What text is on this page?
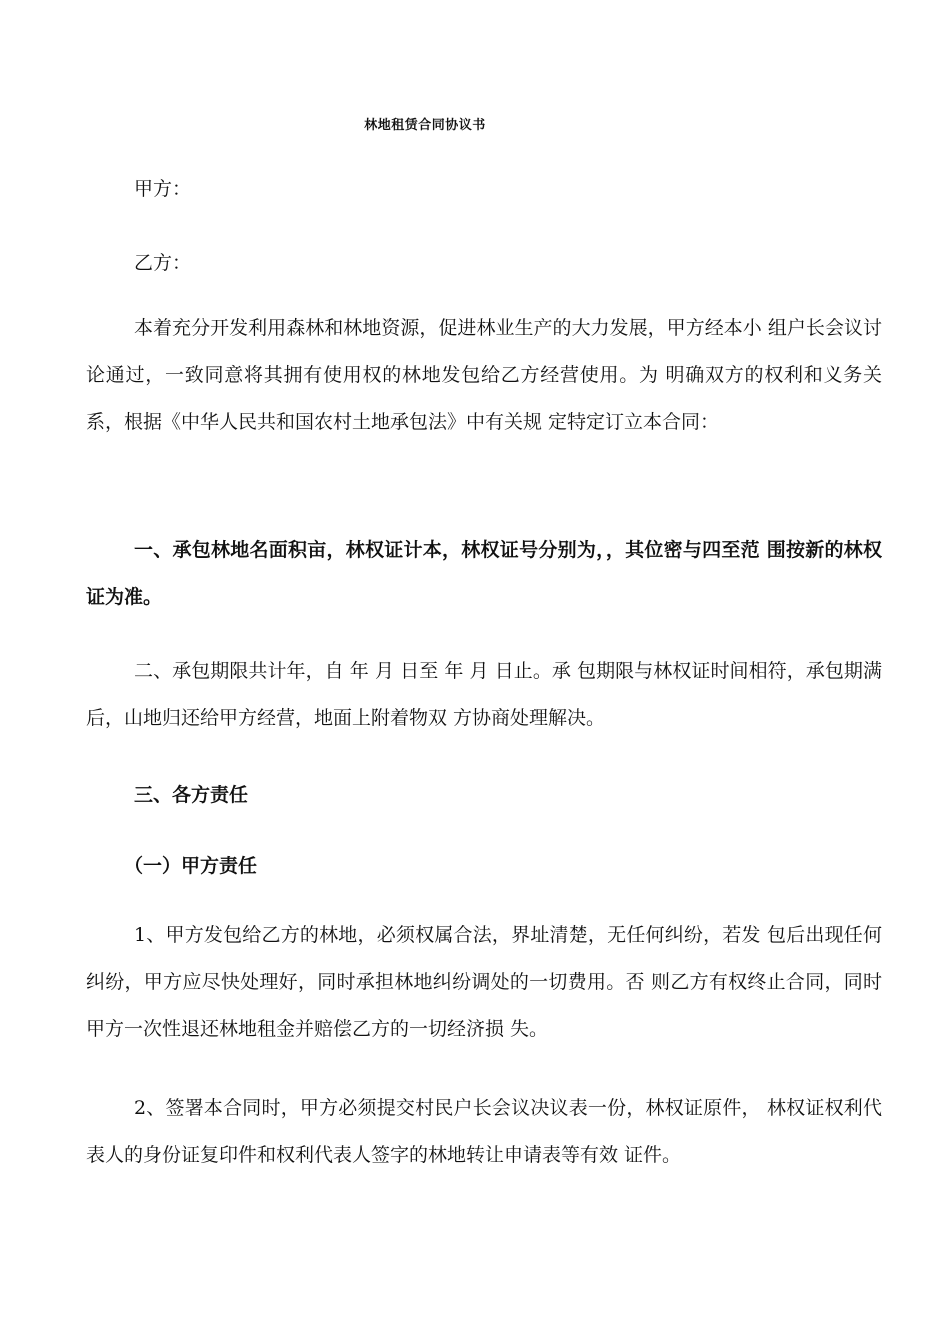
林地租赁合同协议书
甲方：
乙方：
本着充分开发利用森林和林地资源，促进林业生产的大力发展，甲方经本小 组户长会议讨论通过，一致同意将其拥有使用权的林地发包给乙方经营使用。为 明确双方的权利和义务关系，根据《中华人民共和国农村土地承包法》中有关规 定特定订立本合同：
一、承包林地名面积亩，林权证计本，林权证号分别为，，其位密与四至范 围按新的林权证为准。
二、承包期限共计年，自 年 月 日至 年 月 日止。承 包期限与林权证时间相符，承包期满后，山地归还给甲方经营，地面上附着物双 方协商处理解决。
三、各方责任
（一）甲方责任
1、甲方发包给乙方的林地，必须权属合法，界址清楚，无任何纠纷，若发 包后出现任何纠纷，甲方应尽快处理好，同时承担林地纠纷调处的一切费用。否 则乙方有权终止合同，同时甲方一次性退还林地租金并赔偿乙方的一切经济损 失。
2、签署本合同时，甲方必须提交村民户长会议决议表一份，林权证原件， 林权证权利代表人的身份证复印件和权利代表人签字的林地转让申请表等有效 证件。
